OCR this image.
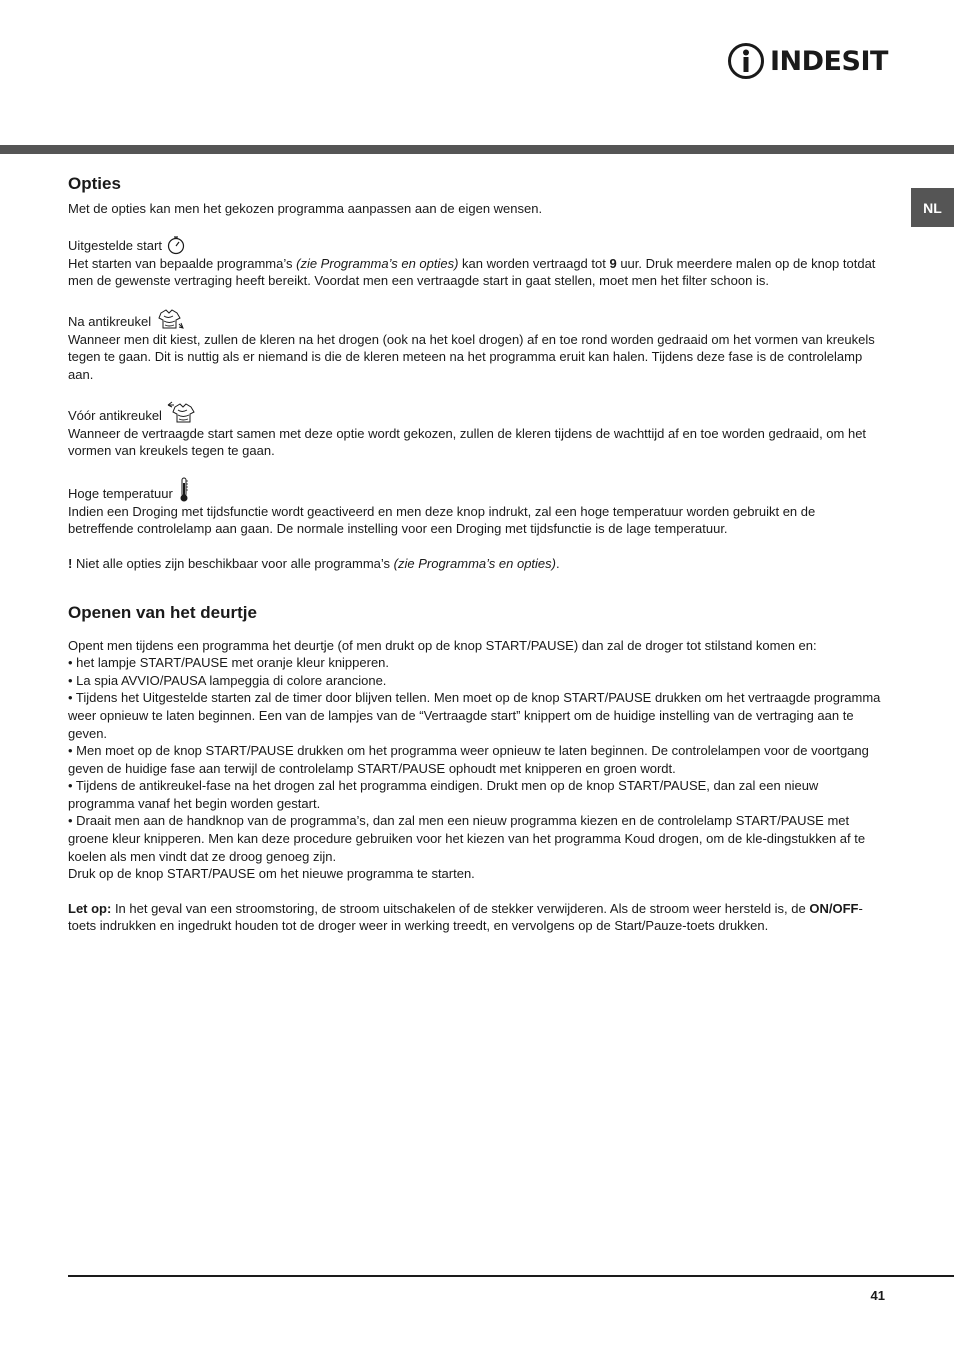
INDESIT
NL
Opties

Met de opties kan men het gekozen programma aanpassen aan de eigen wensen.

Uitgestelde start

Het starten van bepaalde programma’s (zie Programma’s en opties) kan worden vertraagd tot 9 uur. Druk meerdere malen op de knop totdat men de gewenste vertraging heeft bereikt. Voordat men een vertraagde start in gaat stellen, moet men het filter schoon is.

Na antikreukel

Wanneer men dit kiest, zullen de kleren na het drogen (ook na het koel drogen) af en toe rond worden gedraaid om het vormen van kreukels tegen te gaan. Dit is nuttig als er niemand is die de kleren meteen na het programma eruit kan halen. Tijdens deze fase is de controlelamp aan.

Vóór antikreukel

Wanneer de vertraagde start samen met deze optie wordt gekozen, zullen de kleren tijdens de wachttijd af en toe worden gedraaid, om het vormen van kreukels tegen te gaan.

Hoge temperatuur

Indien een Droging met tijdsfunctie wordt geactiveerd en men deze knop indrukt, zal een hoge temperatuur worden gebruikt en de betreffende controlelamp aan gaan. De normale instelling voor een Droging met tijdsfunctie is de lage temperatuur.

! Niet alle opties zijn beschikbaar voor alle programma’s (zie Programma’s en opties).

Openen van het deurtje

Opent men tijdens een programma het deurtje (of men drukt op de knop START/PAUSE) dan zal de droger tot stilstand komen en:

• het lampje START/PAUSE met oranje kleur knipperen.

• La spia AVVIO/PAUSA lampeggia di colore arancione.

• Tijdens het Uitgestelde starten zal de timer door blijven tellen. Men moet op de knop START/PAUSE drukken om het vertraagde programma weer opnieuw te laten beginnen. Een van de lampjes van de “Vertraagde start” knippert om de huidige instelling van de vertraging aan te geven.

• Men moet op de knop START/PAUSE drukken om het programma weer opnieuw te laten beginnen. De controlelampen voor de voortgang geven de huidige fase aan terwijl de controlelamp START/PAUSE ophoudt met knipperen en groen wordt.

• Tijdens de antikreukel-fase na het drogen zal het programma eindigen. Drukt men op de knop START/PAUSE, dan zal een nieuw programma vanaf het begin worden gestart.

• Draait men aan de handknop van de programma’s, dan zal men een nieuw programma kiezen en de controlelamp START/PAUSE met groene kleur knipperen. Men kan deze procedure gebruiken voor het kiezen van het programma Koud drogen, om de kle-dingstukken af te koelen als men vindt dat ze droog genoeg zijn.

Druk op de knop START/PAUSE om het nieuwe programma te starten.

Let op: In het geval van een stroomstoring, de stroom uitschakelen of de stekker verwijderen. Als de stroom weer hersteld is, de ON/OFF-toets indrukken en ingedrukt houden tot de droger weer in werking treedt, en vervolgens op de Start/Pauze-toets drukken.

41
